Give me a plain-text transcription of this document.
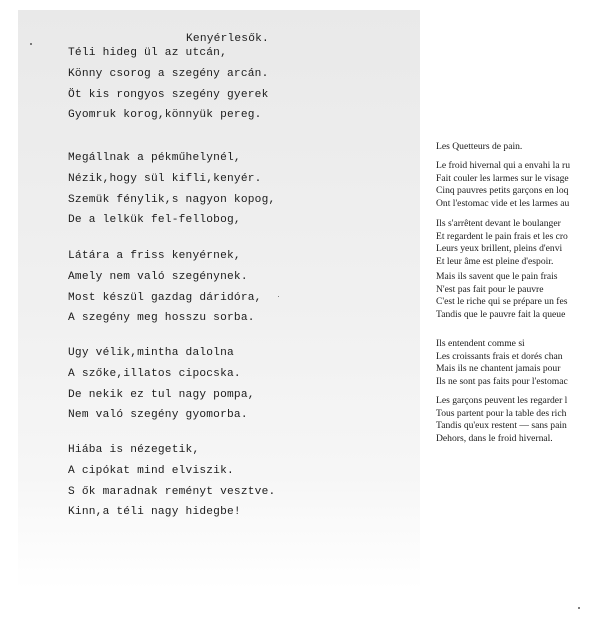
Kenyérlesők.
Téli hideg ül az utcán,
Könny csorog a szegény arcán.
Öt kis rongyos szegény gyerek
Gyomruk korog,könnyük pereg.
Megállnak a pékműhelynél,
Nézik,hogy sül kifli,kenyér.
Szemük fénylik,s nagyon kopog,
De a lelkük fel-fellobog,
Látára a friss kenyérnek,
Amely nem való szegénynek.
Most készül gazdag dáridóra,
A szegény meg hosszu sorba.
Ugy vélik,mintha dalolna
A szőke,illatos cipocska.
De nekik ez tul nagy pompa,
Nem való szegény gyomorba.
Hiába is nézegetik,
A cipókat mind elviszik.
S ők maradnak reményt vesztve.
Kinn,a téli nagy hidegbe!
Les Quetteurs de pain.
Le froid hivernal qui a envahi la ru
Fait couler les larmes sur le visage
Cinq pauvres petits garçons en loq
Ont l'estomac vide et les larmes au
Ils s'arrêtent devant le boulanger
Et regardent le pain frais et les cro
Leurs yeux brillent, pleins d'envi
Et leur âme est pleine d'espoir.
Mais ils savent que le pain frais
N'est pas fait pour le pauvre
C'est le riche qui se prépare un fes
Tandis que le pauvre fait la queue
Ils entendent comme si
Les croissants frais et dorés chan
Mais ils ne chantent jamais pour
Ils ne sont pas faits pour l'estomac
Les garçons peuvent les regarder l
Tous partent pour la table des rich
Tandis qu'eux restent — sans pain
Dehors, dans le froid hivernal.
